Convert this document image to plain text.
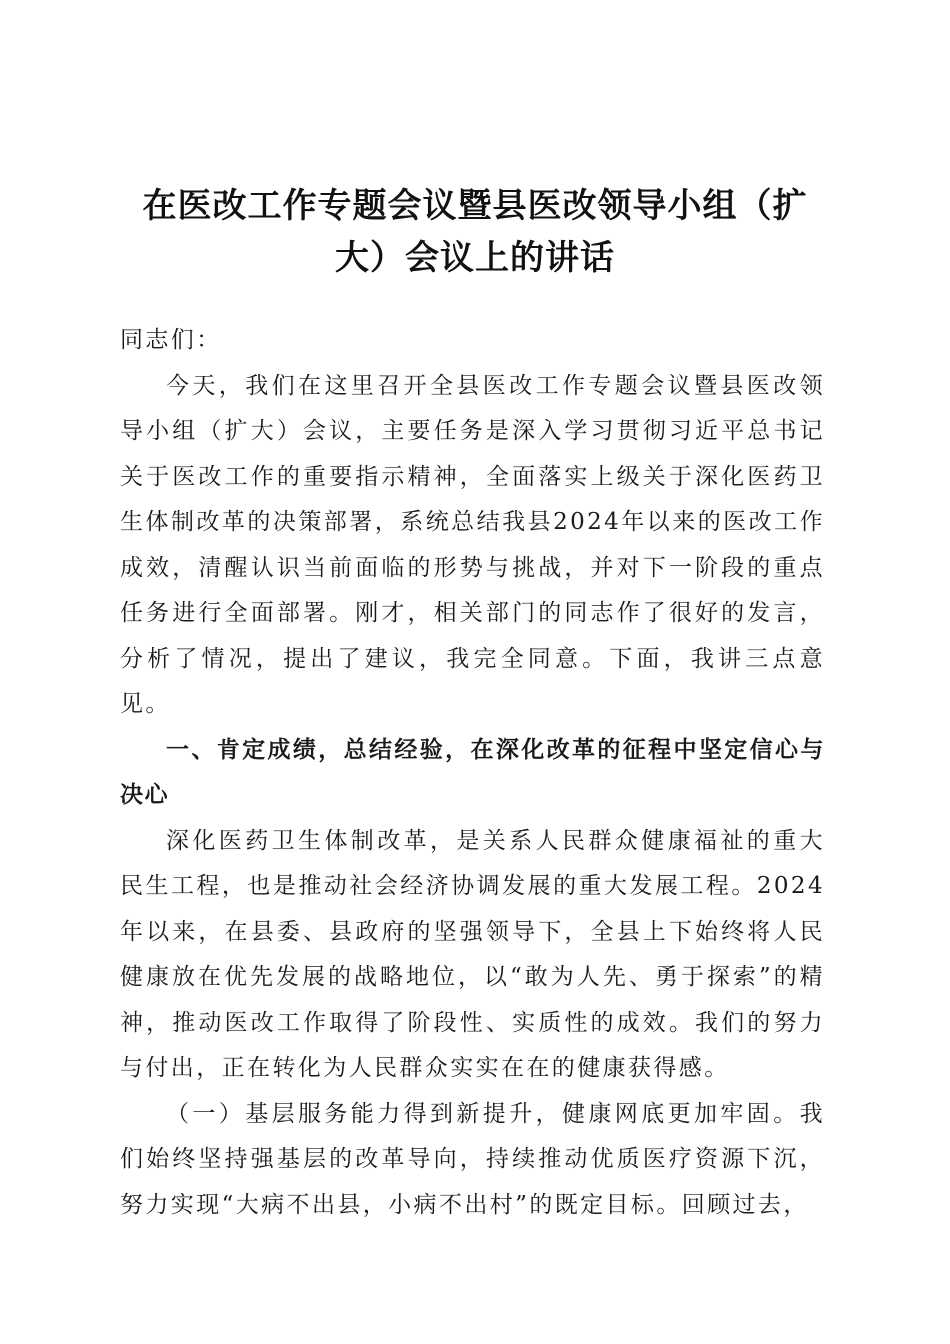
在医改工作专题会议暨县医改领导小组（扩大）会议上的讲话

同志们：

今天，我们在这里召开全县医改工作专题会议暨县医改领导小组（扩大）会议，主要任务是深入学习贯彻习近平总书记关于医改工作的重要指示精神，全面落实上级关于深化医药卫生体制改革的决策部署，系统总结我县2024年以来的医改工作成效，清醒认识当前面临的形势与挑战，并对下一阶段的重点任务进行全面部署。刚才，相关部门的同志作了很好的发言，分析了情况，提出了建议，我完全同意。下面，我讲三点意见。

一、肯定成绩，总结经验，在深化改革的征程中坚定信心与决心

深化医药卫生体制改革，是关系人民群众健康福祉的重大民生工程，也是推动社会经济协调发展的重大发展工程。2024年以来，在县委、县政府的坚强领导下，全县上下始终将人民健康放在优先发展的战略地位，以“敢为人先、勇于探索”的精神，推动医改工作取得了阶段性、实质性的成效。我们的努力与付出，正在转化为人民群众实实在在的健康获得感。

（一）基层服务能力得到新提升，健康网底更加牢固。我们始终坚持强基层的改革导向，持续推动优质医疗资源下沉，努力实现“大病不出县，小病不出村”的既定目标。回顾过去，
